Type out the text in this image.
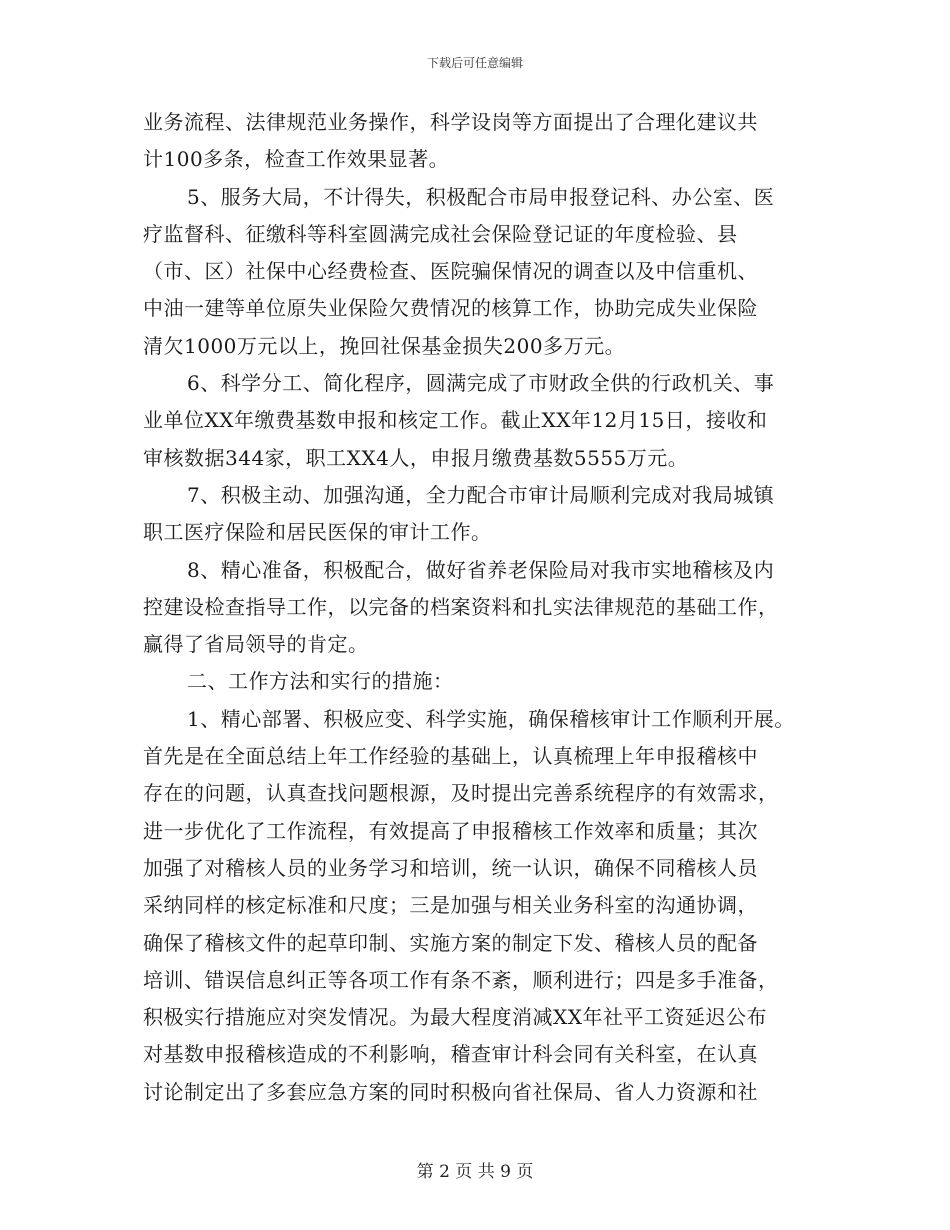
下载后可任意编辑
业务流程、法律规范业务操作，科学设岗等方面提出了合理化建议共
计100多条，检查工作效果显著。
5、服务大局，不计得失，积极配合市局申报登记科、办公室、医
疗监督科、征缴科等科室圆满完成社会保险登记证的年度检验、县
（市、区）社保中心经费检查、医院骗保情况的调查以及中信重机、
中油一建等单位原失业保险欠费情况的核算工作，协助完成失业保险
清欠1000万元以上，挽回社保基金损失200多万元。
6、科学分工、简化程序，圆满完成了市财政全供的行政机关、事
业单位XX年缴费基数申报和核定工作。截止XX年12月15日，接收和
审核数据344家，职工XX4人，申报月缴费基数5555万元。
7、积极主动、加强沟通，全力配合市审计局顺利完成对我局城镇
职工医疗保险和居民医保的审计工作。
8、精心准备，积极配合，做好省养老保险局对我市实地稽核及内
控建设检查指导工作，以完备的档案资料和扎实法律规范的基础工作，
赢得了省局领导的肯定。
二、工作方法和实行的措施：
1、精心部署、积极应变、科学实施，确保稽核审计工作顺利开展。
首先是在全面总结上年工作经验的基础上，认真梳理上年申报稽核中
存在的问题，认真查找问题根源，及时提出完善系统程序的有效需求，
进一步优化了工作流程，有效提高了申报稽核工作效率和质量；其次
加强了对稽核人员的业务学习和培训，统一认识，确保不同稽核人员
采纳同样的核定标准和尺度；三是加强与相关业务科室的沟通协调，
确保了稽核文件的起草印制、实施方案的制定下发、稽核人员的配备
培训、错误信息纠正等各项工作有条不紊，顺利进行；四是多手准备，
积极实行措施应对突发情况。为最大程度消减XX年社平工资延迟公布
对基数申报稽核造成的不利影响，稽查审计科会同有关科室，在认真
讨论制定出了多套应急方案的同时积极向省社保局、省人力资源和社
第 2 页 共 9 页
